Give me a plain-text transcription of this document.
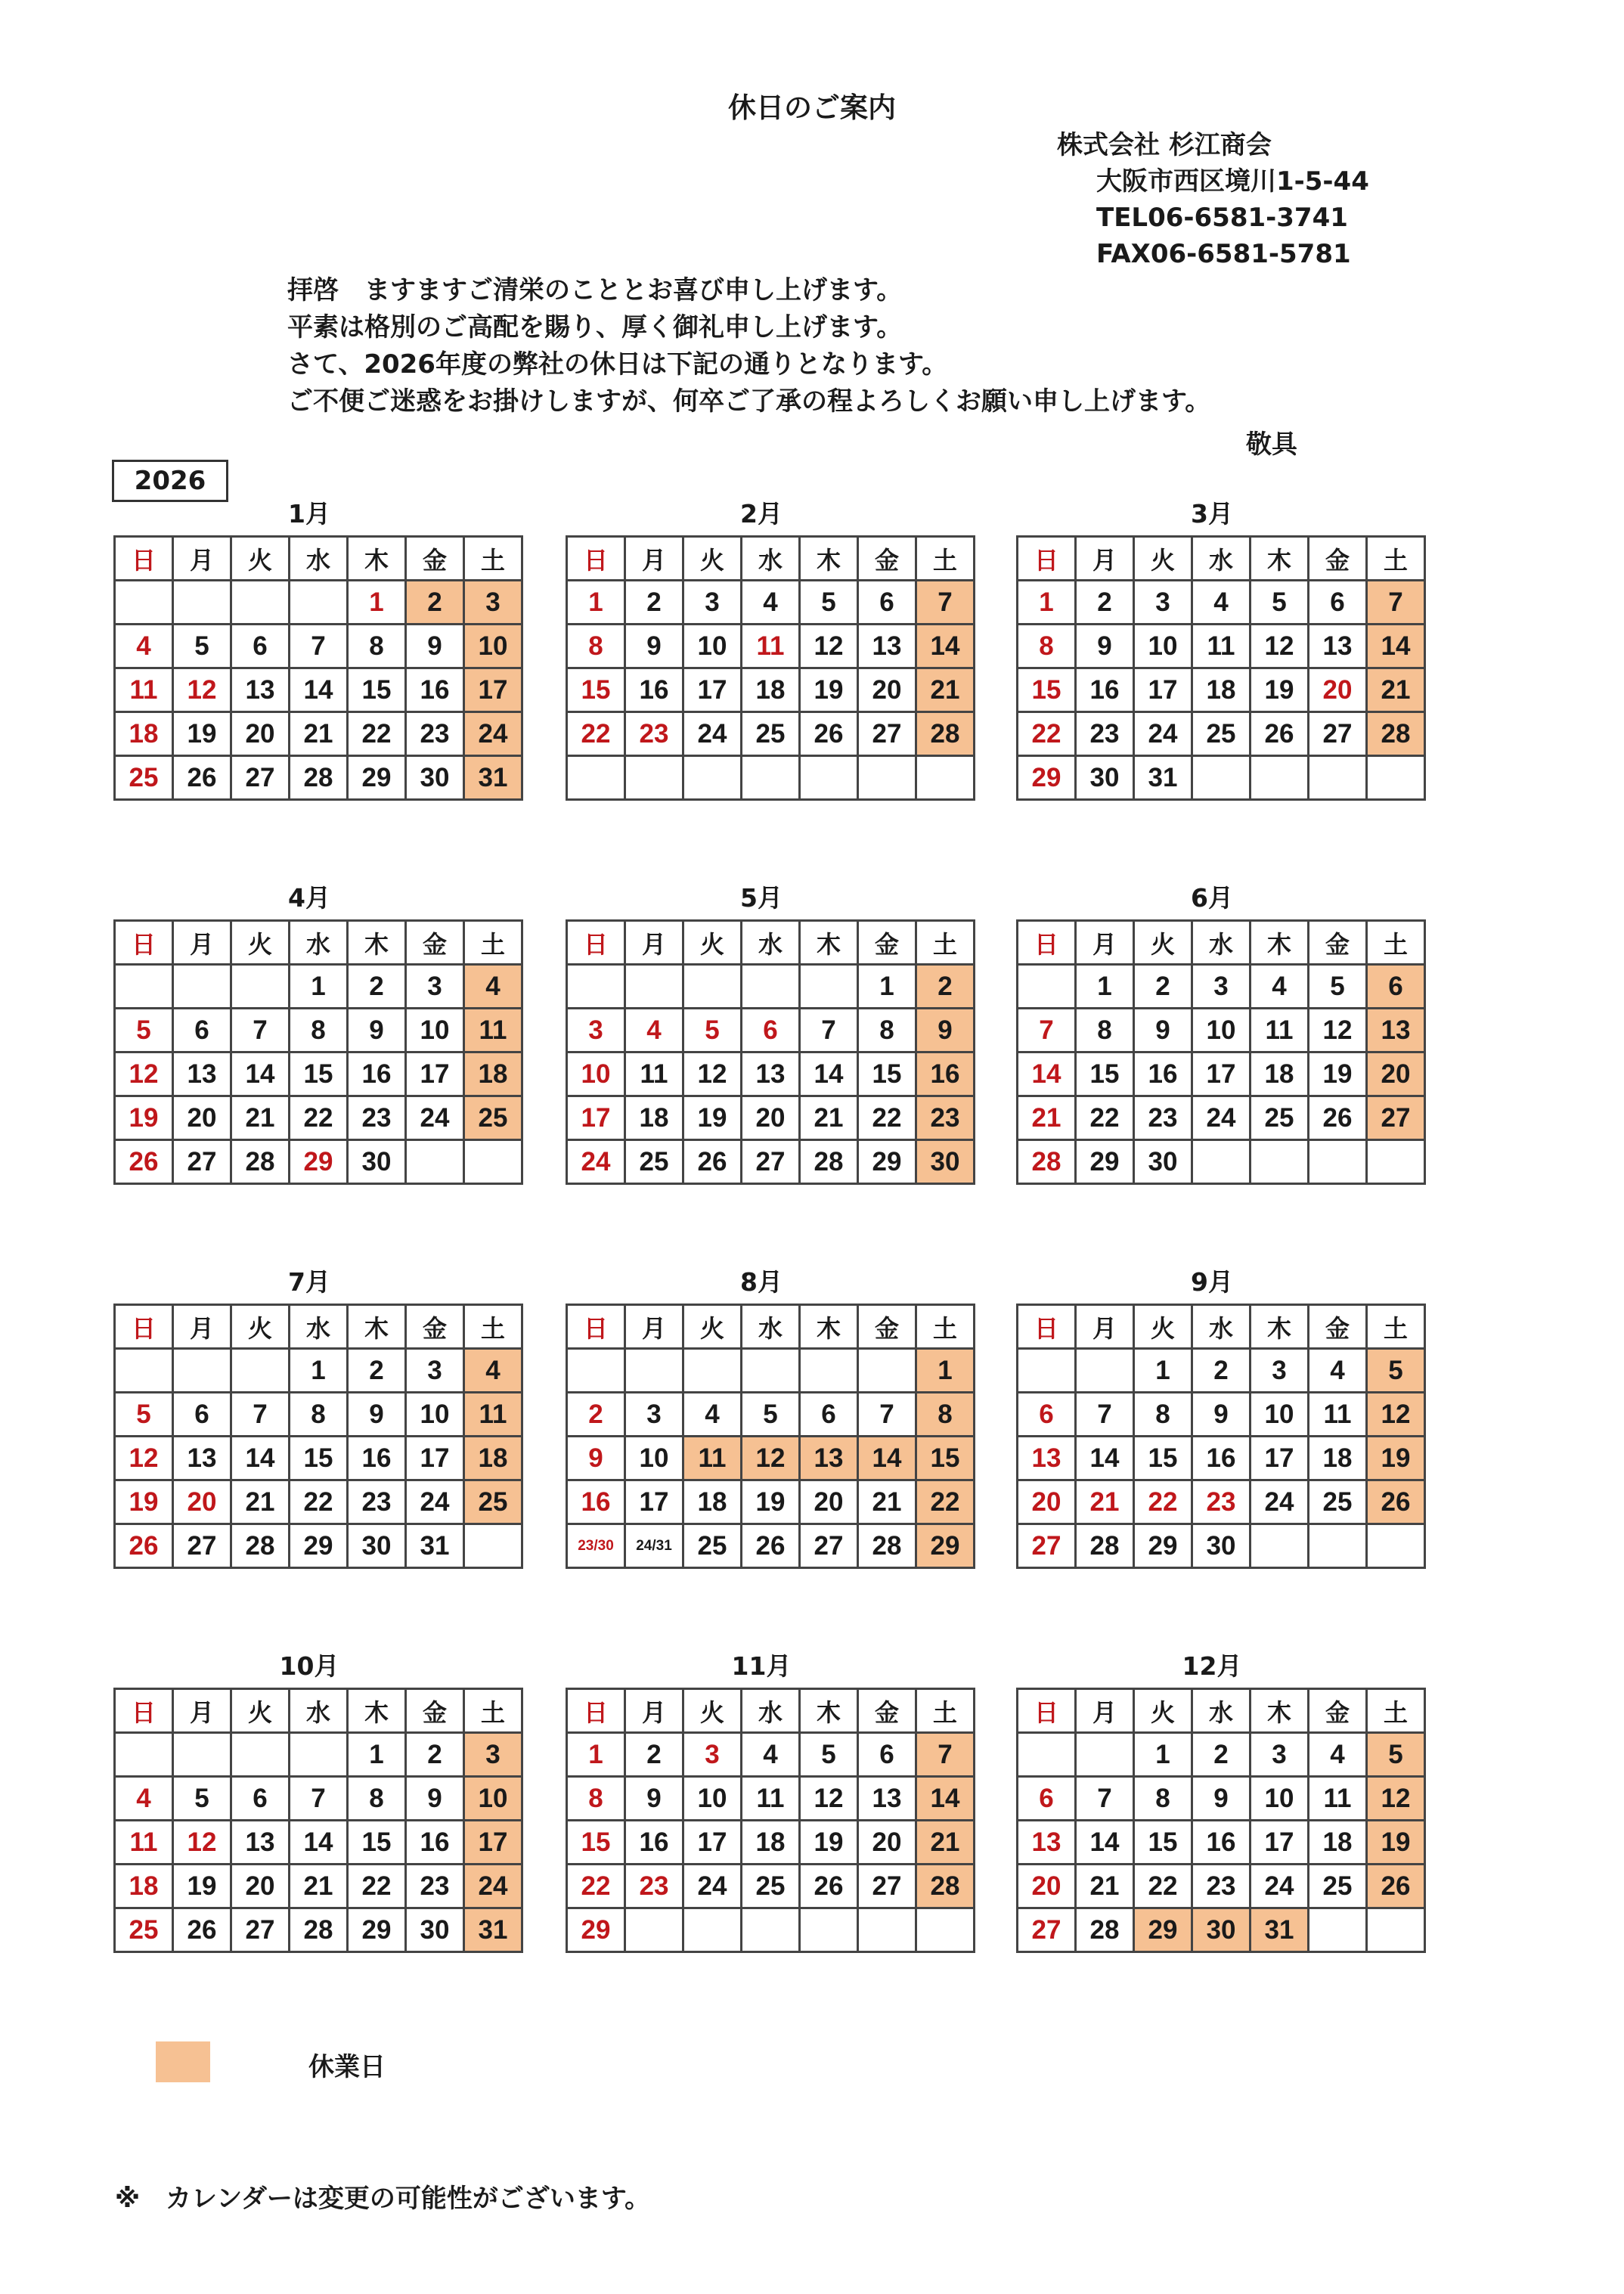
休日のご案内
株式会社 杉江商会
大阪市西区境川1-5-44
TEL06-6581-3741
FAX06-6581-5781
拝啓　ますますご清栄のこととお喜び申し上げます。
平素は格別のご高配を賜り、厚く御礼申し上げます。
さて、2026年度の弊社の休日は下記の通りとなります。
ご不便ご迷惑をお掛けしますが、何卒ご了承の程よろしくお願い申し上げます。
敬具
2026
1月
日	月	火	水	木	金	土
				1	2	3
4	5	6	7	8	9	10
11	12	13	14	15	16	17
18	19	20	21	22	23	24
25	26	27	28	29	30	31
2月
日	月	火	水	木	金	土
1	2	3	4	5	6	7
8	9	10	11	12	13	14
15	16	17	18	19	20	21
22	23	24	25	26	27	28

3月
日	月	火	水	木	金	土
1	2	3	4	5	6	7
8	9	10	11	12	13	14
15	16	17	18	19	20	21
22	23	24	25	26	27	28
29	30	31				
4月
日	月	火	水	木	金	土
			1	2	3	4
5	6	7	8	9	10	11
12	13	14	15	16	17	18
19	20	21	22	23	24	25
26	27	28	29	30		
5月
日	月	火	水	木	金	土
					1	2
3	4	5	6	7	8	9
10	11	12	13	14	15	16
17	18	19	20	21	22	23
24	25	26	27	28	29	30
6月
日	月	火	水	木	金	土
	1	2	3	4	5	6
7	8	9	10	11	12	13
14	15	16	17	18	19	20
21	22	23	24	25	26	27
28	29	30				
7月
日	月	火	水	木	金	土
			1	2	3	4
5	6	7	8	9	10	11
12	13	14	15	16	17	18
19	20	21	22	23	24	25
26	27	28	29	30	31	
8月
日	月	火	水	木	金	土
						1
2	3	4	5	6	7	8
9	10	11	12	13	14	15
16	17	18	19	20	21	22
23/30	24/31	25	26	27	28	29
9月
日	月	火	水	木	金	土
		1	2	3	4	5
6	7	8	9	10	11	12
13	14	15	16	17	18	19
20	21	22	23	24	25	26
27	28	29	30			
10月
日	月	火	水	木	金	土
				1	2	3
4	5	6	7	8	9	10
11	12	13	14	15	16	17
18	19	20	21	22	23	24
25	26	27	28	29	30	31
11月
日	月	火	水	木	金	土
1	2	3	4	5	6	7
8	9	10	11	12	13	14
15	16	17	18	19	20	21
22	23	24	25	26	27	28
29						
12月
日	月	火	水	木	金	土
		1	2	3	4	5
6	7	8	9	10	11	12
13	14	15	16	17	18	19
20	21	22	23	24	25	26
27	28	29	30	31		
休業日
※　カレンダーは変更の可能性がございます。
